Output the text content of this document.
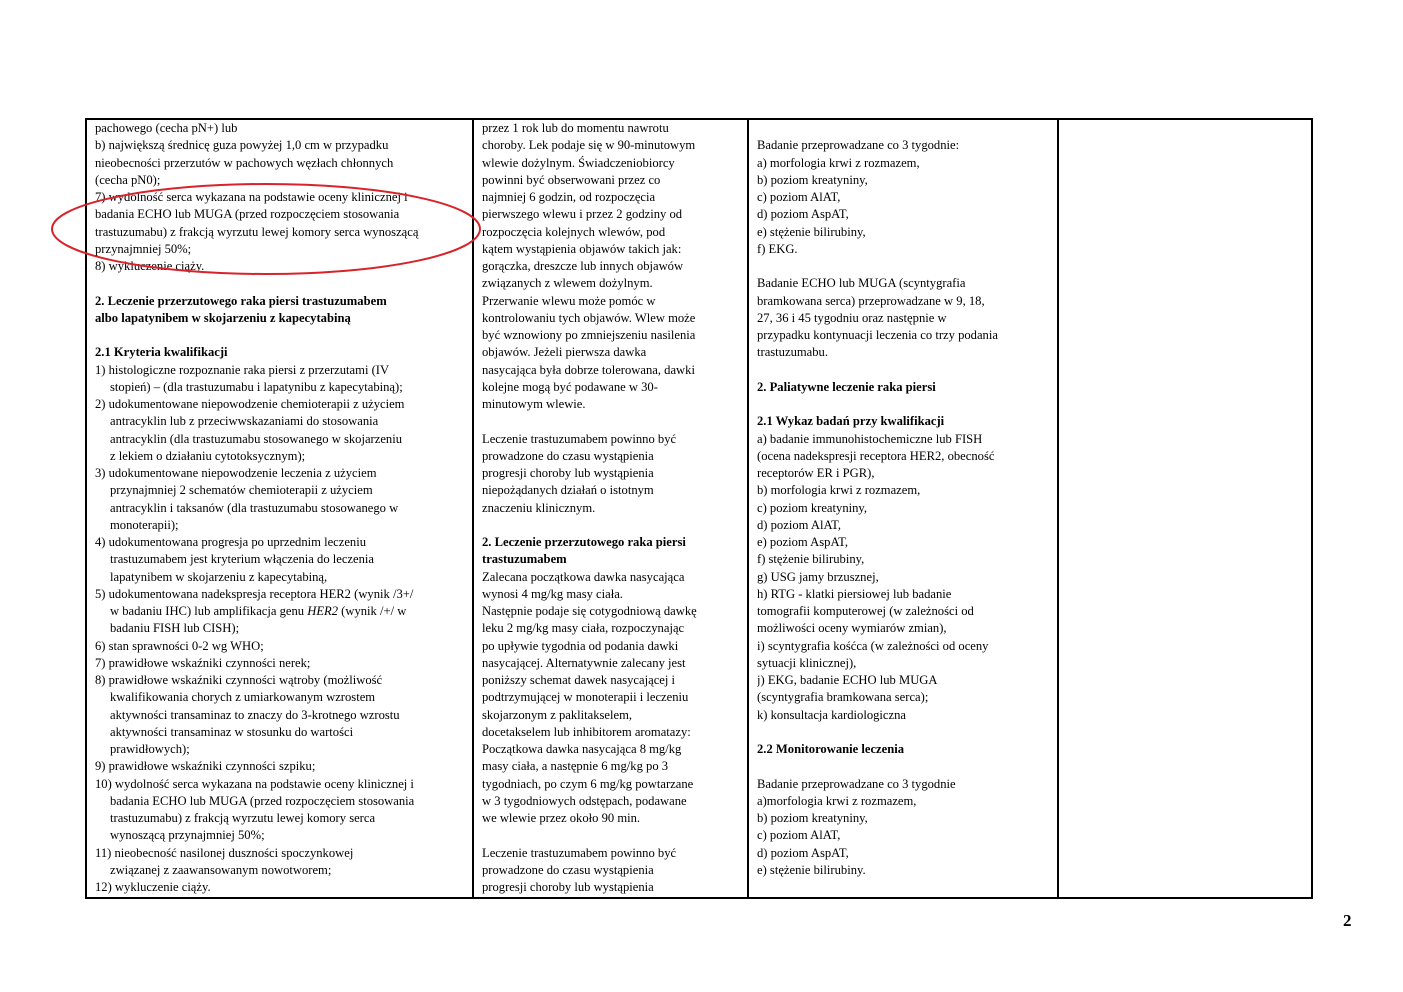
pachowego (cecha pN+) lub

b) największą średnicę guza powyżej 1,0 cm w przypadku

nieobecności przerzutów w pachowych węzłach chłonnych

(cecha pN0);

7) wydolność serca wykazana na podstawie oceny klinicznej i

badania ECHO lub MUGA (przed rozpoczęciem stosowania

trastuzumabu) z frakcją wyrzutu lewej komory serca wynoszącą

przynajmniej 50%;

8) wykluczenie ciąży.

2. Leczenie przerzutowego raka piersi trastuzumabem

albo lapatynibem w skojarzeniu z kapecytabiną

2.1 Kryteria kwalifikacji

1) histologiczne rozpoznanie raka piersi z przerzutami (IV

stopień) – (dla trastuzumabu i lapatynibu z kapecytabiną);

2) udokumentowane niepowodzenie chemioterapii z użyciem

antracyklin lub z przeciwwskazaniami do stosowania

antracyklin (dla trastuzumabu stosowanego w skojarzeniu

z lekiem o działaniu cytotoksycznym);

3) udokumentowane niepowodzenie leczenia z użyciem

przynajmniej 2 schematów chemioterapii z użyciem

antracyklin i taksanów (dla trastuzumabu stosowanego w

monoterapii);

4) udokumentowana progresja po uprzednim leczeniu

trastuzumabem jest kryterium włączenia do leczenia

lapatynibem w skojarzeniu z kapecytabiną,

5) udokumentowana nadekspresja receptora HER2 (wynik /3+/

w badaniu IHC) lub amplifikacja genu HER2 (wynik /+/ w

badaniu FISH lub CISH);

6) stan sprawności 0-2 wg WHO;

7) prawidłowe wskaźniki czynności nerek;

8) prawidłowe wskaźniki czynności wątroby (możliwość

kwalifikowania chorych z umiarkowanym wzrostem

aktywności transaminaz to znaczy do 3-krotnego wzrostu

aktywności transaminaz w stosunku do wartości

prawidłowych);

9) prawidłowe wskaźniki czynności szpiku;

10) wydolność serca wykazana na podstawie oceny klinicznej i

badania ECHO lub MUGA (przed rozpoczęciem stosowania

trastuzumabu) z frakcją wyrzutu lewej komory serca

wynoszącą przynajmniej 50%;

11) nieobecność nasilonej duszności spoczynkowej

związanej z zaawansowanym nowotworem;

12) wykluczenie ciąży.

przez 1 rok lub do momentu nawrotu

choroby. Lek podaje się w 90-minutowym

wlewie dożylnym. Świadczeniobiorcy

powinni być obserwowani przez co

najmniej 6 godzin, od rozpoczęcia

pierwszego wlewu i przez 2 godziny od

rozpoczęcia kolejnych wlewów, pod

kątem wystąpienia objawów takich jak:

gorączka, dreszcze lub innych objawów

związanych z wlewem dożylnym.

Przerwanie wlewu może pomóc w

kontrolowaniu tych objawów. Wlew może

być wznowiony po zmniejszeniu nasilenia

objawów. Jeżeli pierwsza dawka

nasycająca była dobrze tolerowana, dawki

kolejne mogą być podawane w 30-

minutowym wlewie.

Leczenie trastuzumabem powinno być

prowadzone do czasu wystąpienia

progresji choroby lub wystąpienia

niepożądanych działań o istotnym

znaczeniu klinicznym.

2. Leczenie przerzutowego raka piersi

trastuzumabem

Zalecana początkowa dawka nasycająca

wynosi 4 mg/kg masy ciała.

Następnie podaje się cotygodniową dawkę

leku 2 mg/kg masy ciała, rozpoczynając

po upływie tygodnia od podania dawki

nasycającej. Alternatywnie zalecany jest

poniższy schemat dawek nasycającej i

podtrzymującej w monoterapii i leczeniu

skojarzonym z paklitakselem,

docetakselem lub inhibitorem aromatazy:

Początkowa dawka nasycająca 8 mg/kg

masy ciała, a następnie 6 mg/kg po 3

tygodniach, po czym 6 mg/kg powtarzane

w 3 tygodniowych odstępach, podawane

we wlewie przez około 90 min.

Leczenie trastuzumabem powinno być

prowadzone do czasu wystąpienia

progresji choroby lub wystąpienia

Badanie przeprowadzane co 3 tygodnie:

a) morfologia krwi z rozmazem,

b) poziom kreatyniny,

c) poziom AlAT,

d) poziom AspAT,

e) stężenie bilirubiny,

f) EKG.

Badanie ECHO lub MUGA (scyntygrafia

bramkowana serca) przeprowadzane w 9, 18,

27, 36 i 45 tygodniu oraz następnie w

przypadku kontynuacji leczenia co trzy podania

trastuzumabu.

2. Paliatywne leczenie raka piersi

2.1 Wykaz badań przy kwalifikacji

a) badanie immunohistochemiczne lub FISH

(ocena nadekspresji receptora HER2, obecność

receptorów ER i PGR),

b) morfologia krwi z rozmazem,

c) poziom kreatyniny,

d) poziom AlAT,

e) poziom AspAT,

f) stężenie bilirubiny,

g) USG jamy brzusznej,

h) RTG - klatki piersiowej lub badanie

tomografii komputerowej (w zależności od

możliwości oceny wymiarów zmian),

i) scyntygrafia kośćca (w zależności od oceny

sytuacji klinicznej),

j) EKG, badanie ECHO lub MUGA

(scyntygrafia bramkowana serca);

k) konsultacja kardiologiczna

2.2 Monitorowanie leczenia

Badanie przeprowadzane co 3 tygodnie

a)morfologia krwi z rozmazem,

b) poziom kreatyniny,

c) poziom AlAT,

d) poziom AspAT,

e) stężenie bilirubiny.

2
